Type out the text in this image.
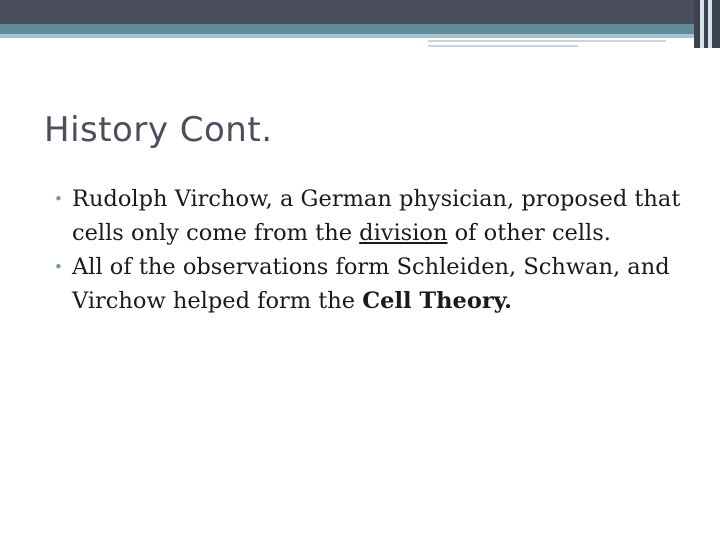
History Cont.
• Rudolph Virchow, a German physician, proposed that cells only come from the division of other cells.
• All of the observations form Schleiden, Schwan, and Virchow helped form the Cell Theory.
